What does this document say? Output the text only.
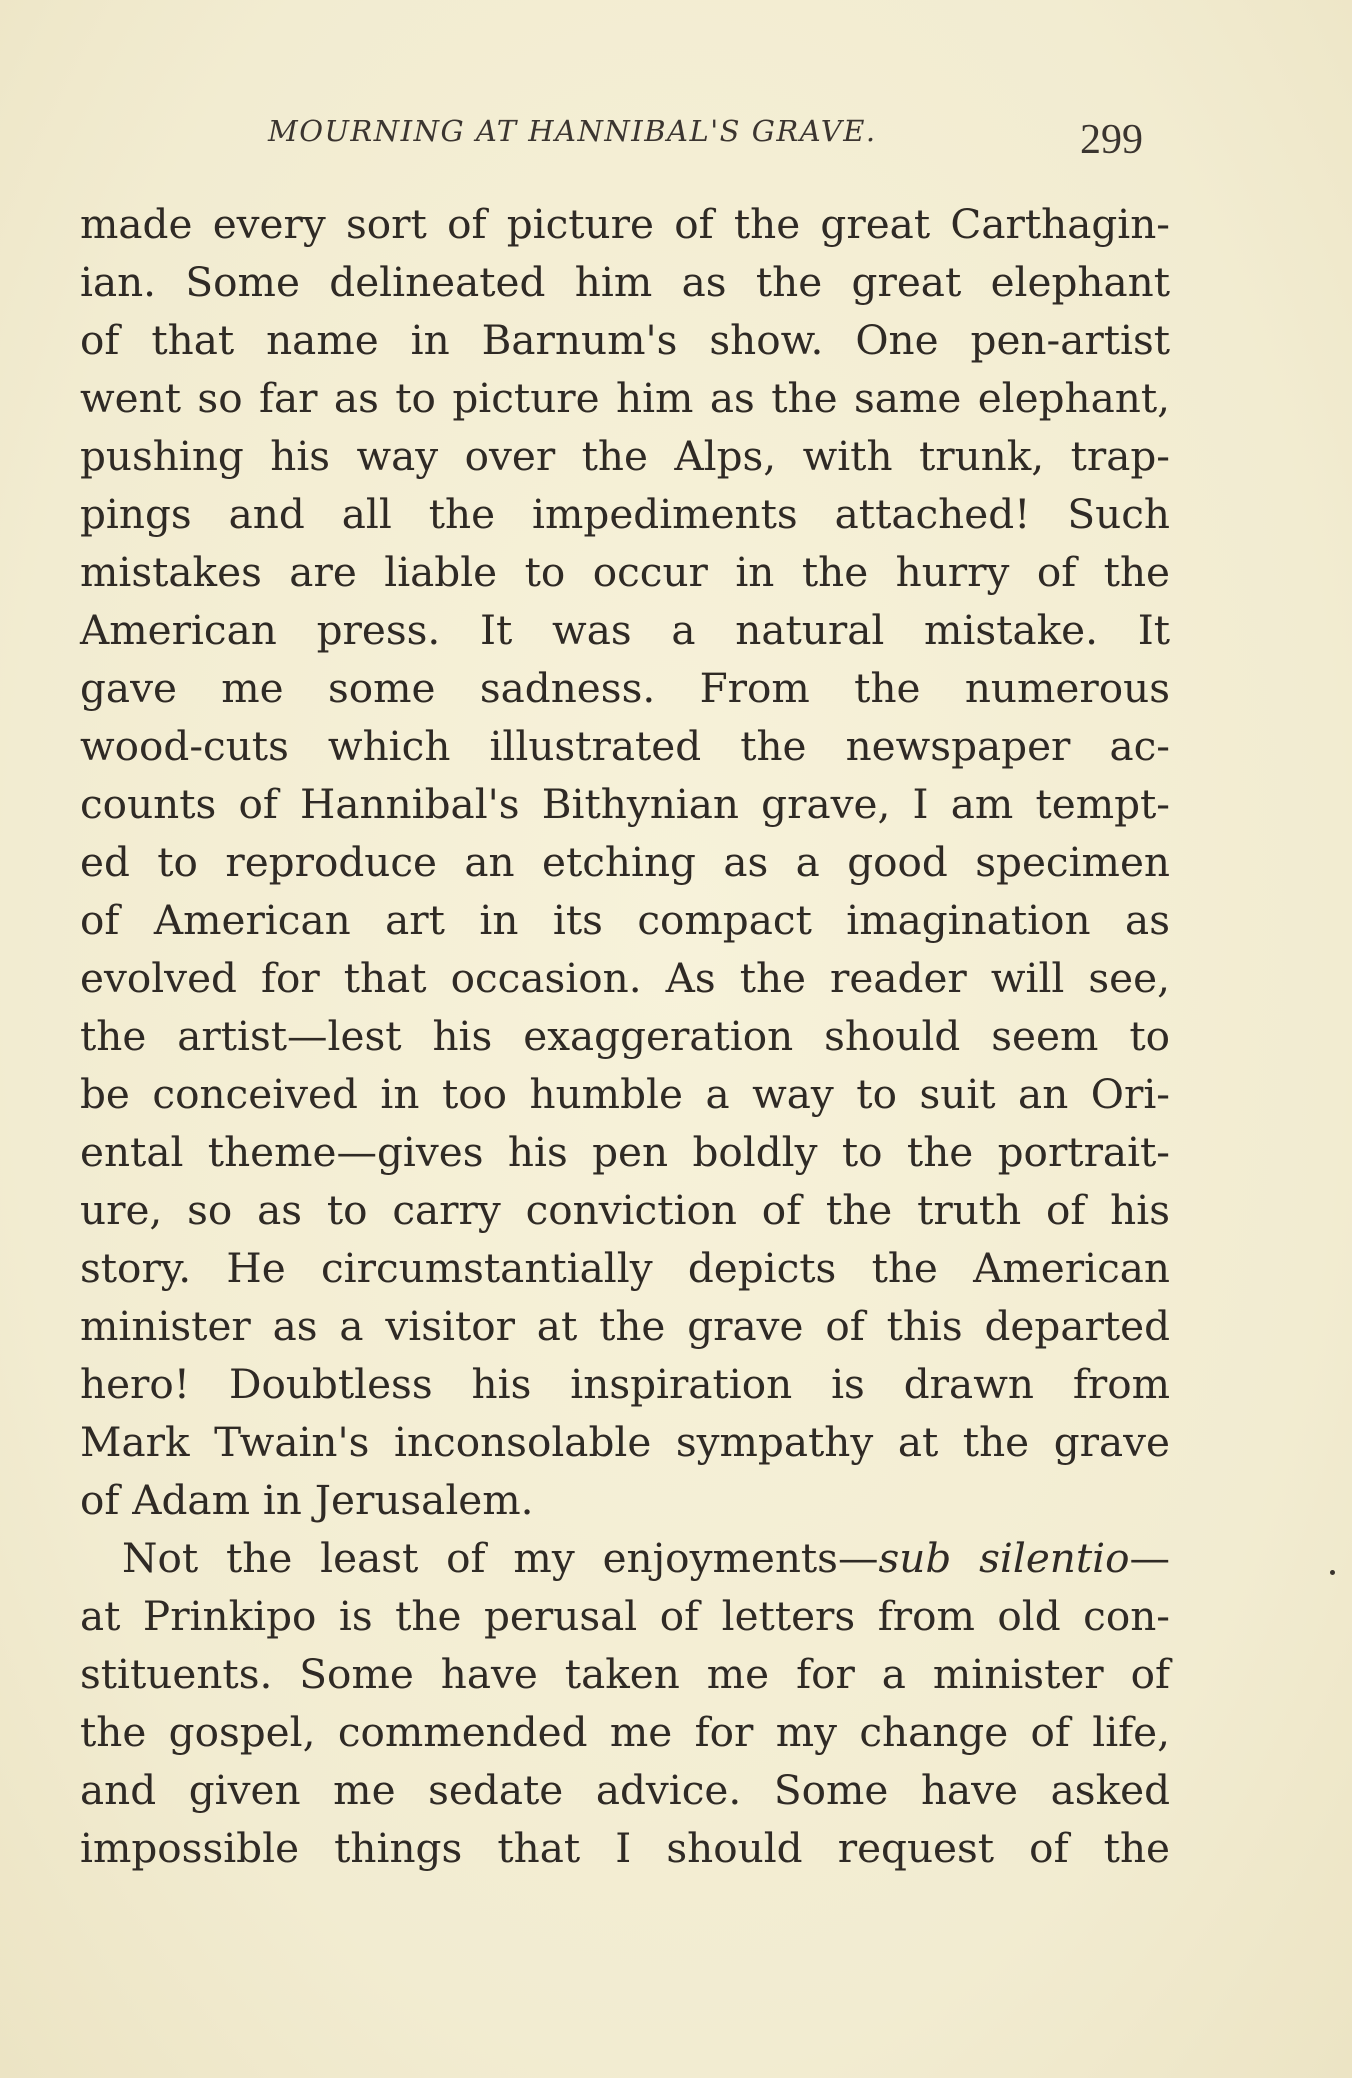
MOURNING AT HANNIBAL'S GRAVE.	299
made every sort of picture of the great Carthagin-
ian. Some delineated him as the great elephant
of that name in Barnum's show. One pen-artist
went so far as to picture him as the same elephant,
pushing his way over the Alps, with trunk, trap-
pings and all the impediments attached! Such
mistakes are liable to occur in the hurry of the
American press. It was a natural mistake. It
gave me some sadness. From the numerous
wood-cuts which illustrated the newspaper ac-
counts of Hannibal's Bithynian grave, I am tempt-
ed to reproduce an etching as a good specimen
of American art in its compact imagination as
evolved for that occasion. As the reader will see,
the artist—lest his exaggeration should seem to
be conceived in too humble a way to suit an Ori-
ental theme—gives his pen boldly to the portrait-
ure, so as to carry conviction of the truth of his
story. He circumstantially depicts the American
minister as a visitor at the grave of this departed
hero! Doubtless his inspiration is drawn from
Mark Twain's inconsolable sympathy at the grave
of Adam in Jerusalem.
Not the least of my enjoyments—sub silentio—
at Prinkipo is the perusal of letters from old con-
stituents. Some have taken me for a minister of
the gospel, commended me for my change of life,
and given me sedate advice. Some have asked
impossible things that I should request of the
